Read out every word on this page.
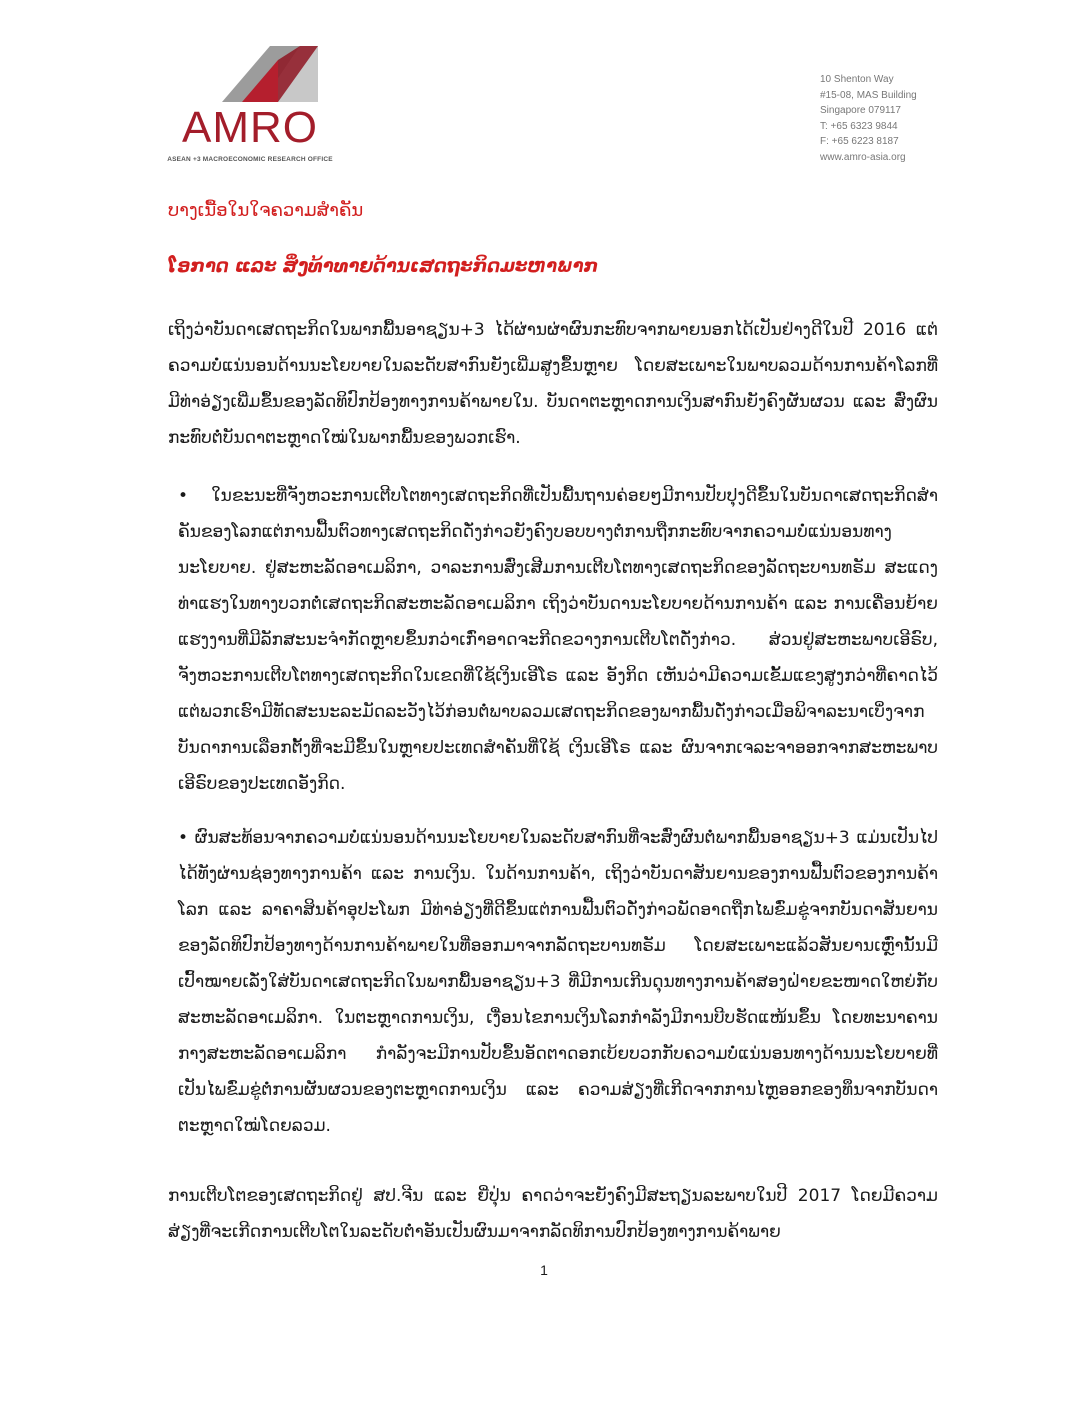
AMRO
ASEAN +3 MACROECONOMIC RESEARCH OFFICE
10 Shenton Way
#15-08, MAS Building
Singapore 079117
T: +65 6323 9844
F: +65 6223 8187
www.amro-asia.org
ບາງເນື້ອໃນໃຈຄວາມສໍາຄັນ
ໂອກາດ ແລະ ສິ່ງທ້າທາຍດ້ານເສດຖະກິດມະຫາພາກ

ເຖິງວ່າບັນດາເສດຖະກິດໃນພາກພື້ນອາຊຽນ+3 ໄດ້ຜ່ານຜ່າຜົນກະທົບຈາກພາຍນອກໄດ້ເປັນຢ່າງດີໃນປີ 2016 ແຕ່ຄວາມບໍ່ແນ່ນອນດ້ານນະໂຍບາຍໃນລະດັບສາກົນຍັງເພີ່ມສູງຂຶ້ນຫຼາຍ ໂດຍສະເພາະໃນພາບລວມດ້ານການຄ້າໂລກທີ່ມີທ່າອ່ຽງເພີ່ມຂຶ້ນຂອງລັດທິປົກປ້ອງທາງການຄ້າພາຍໃນ. ບັນດາຕະຫຼາດການເງິນສາກົນຍັງຄົງຜັນຜວນ ແລະ ສົ່ງຜົນກະທົບຕໍ່ບັນດາຕະຫຼາດໃໝ່ໃນພາກພື້ນຂອງພວກເຮົາ.

• ໃນຂະນະທີ່ຈັງຫວະການເຕີບໂຕທາງເສດຖະກິດທີ່ເປັນພື້ນຖານຄ່ອຍໆມີການປັບປຸງດີຂຶ້ນໃນບັນດາເສດຖະກິດສໍາຄັນຂອງໂລກແຕ່ການຟື້ນຕົວທາງເສດຖະກິດດັ່ງກ່າວຍັງຄົງບອບບາງຕໍ່ການຖືກກະທົບຈາກຄວາມບໍ່ແນ່ນອນທາງນະໂຍບາຍ. ຢູ່ສະຫະລັດອາເມລິກາ, ວາລະການສົ່ງເສີມການເຕີບໂຕທາງເສດຖະກິດຂອງລັດຖະບານທຣັມ ສະແດງທ່າແຮງໃນທາງບວກຕໍ່ເສດຖະກິດສະຫະລັດອາເມລິກາ ເຖິງວ່າບັນດານະໂຍບາຍດ້ານການຄ້າ ແລະ ການເຄື່ອນຍ້າຍແຮງງານທີ່ມີລັກສະນະຈໍາກັດຫຼາຍຂຶ້ນກວ່າເກົ່າອາດຈະກີດຂວາງການເຕີບໂຕດັ່ງກ່າວ. ສ່ວນຢູ່ສະຫະພາບເອີຣົບ, ຈັງຫວະການເຕີບໂຕທາງເສດຖະກິດໃນເຂດທີ່ໃຊ້ເງິນເອີໂຣ ແລະ ອັງກິດ ເຫັນວ່າມີຄວາມເຂັ້ມແຂງສູງກວ່າທີ່ຄາດໄວ້ ແຕ່ພວກເຮົາມີທັດສະນະລະມັດລະວັງໄວ້ກ່ອນຕໍ່ພາບລວມເສດຖະກິດຂອງພາກພື້ນດັ່ງກ່າວເມື່ອພິຈາລະນາເບິ່ງຈາກບັນດາການເລືອກຕັ້ງທີ່ຈະມີຂຶ້ນໃນຫຼາຍປະເທດສໍາຄັນທີ່ໃຊ້ ເງິນເອີໂຣ ແລະ ຜົນຈາກເຈລະຈາອອກຈາກສະຫະພາບເອີຣົບຂອງປະເທດອັງກິດ.

• ຜົນສະທ້ອນຈາກຄວາມບໍ່ແນ່ນອນດ້ານນະໂຍບາຍໃນລະດັບສາກົນທີ່ຈະສົ່ງຜົນຕໍ່ພາກພື້ນອາຊຽນ+3 ແມ່ນເປັນໄປໄດ້ທັງຜ່ານຊ່ອງທາງການຄ້າ ແລະ ການເງິນ. ໃນດ້ານການຄ້າ, ເຖິງວ່າບັນດາສັນຍານຂອງການຟື້ນຕົວຂອງການຄ້າໂລກ ແລະ ລາຄາສິນຄ້າອຸປະໂພກ ມີທ່າອ່ຽງທີ່ດີຂຶ້ນແຕ່ການຟື້ນຕົວດັ່ງກ່າວພັດອາດຖືກໄພຂົ່ມຂູ່ຈາກບັນດາສັນຍານຂອງລັດທິປົກປ້ອງທາງດ້ານການຄ້າພາຍໃນທີ່ອອກມາຈາກລັດຖະບານທຣັມ ໂດຍສະເພາະແລ້ວສັນຍານເຫຼົ່ານັ້ນມີເປົ້າໝາຍເລັ່ງໃສ່ບັນດາເສດຖະກິດໃນພາກພື້ນອາຊຽນ+3 ທີ່ມີການເກີນດຸນທາງການຄ້າສອງຝ່າຍຂະໜາດໃຫຍ່ກັບສະຫະລັດອາເມລິກາ. ໃນຕະຫຼາດການເງິນ, ເງື່ອນໄຂການເງິນໂລກກໍາລັງມີການບີບຮັດແໜ້ນຂຶ້ນ ໂດຍທະນາຄານກາງສະຫະລັດອາເມລິກາ ກໍາລັງຈະມີການປັບຂຶ້ນອັດຕາດອກເບ້ຍບວກກັບຄວາມບໍ່ແນ່ນອນທາງດ້ານນະໂຍບາຍທີ່ເປັນໄພຂົ່ມຂູ່ຕໍ່ການຜັນຜວນຂອງຕະຫຼາດການເງິນ ແລະ ຄວາມສ່ຽງທີ່ເກີດຈາກການໄຫຼອອກຂອງທຶນຈາກບັນດາຕະຫຼາດໃໝ່ໂດຍລວມ.

ການເຕີບໂຕຂອງເສດຖະກິດຢູ່ ສປ.ຈີນ ແລະ ຍີ່ປຸ່ນ ຄາດວ່າຈະຍັງຄົງມີສະຖຽນລະພາບໃນປີ 2017 ໂດຍມີຄວາມສ່ຽງທີ່ຈະເກີດການເຕີບໂຕໃນລະດັບຕໍ່າອັນເປັນຜົນມາຈາກລັດທິການປົກປ້ອງທາງການຄ້າພາຍ

1
